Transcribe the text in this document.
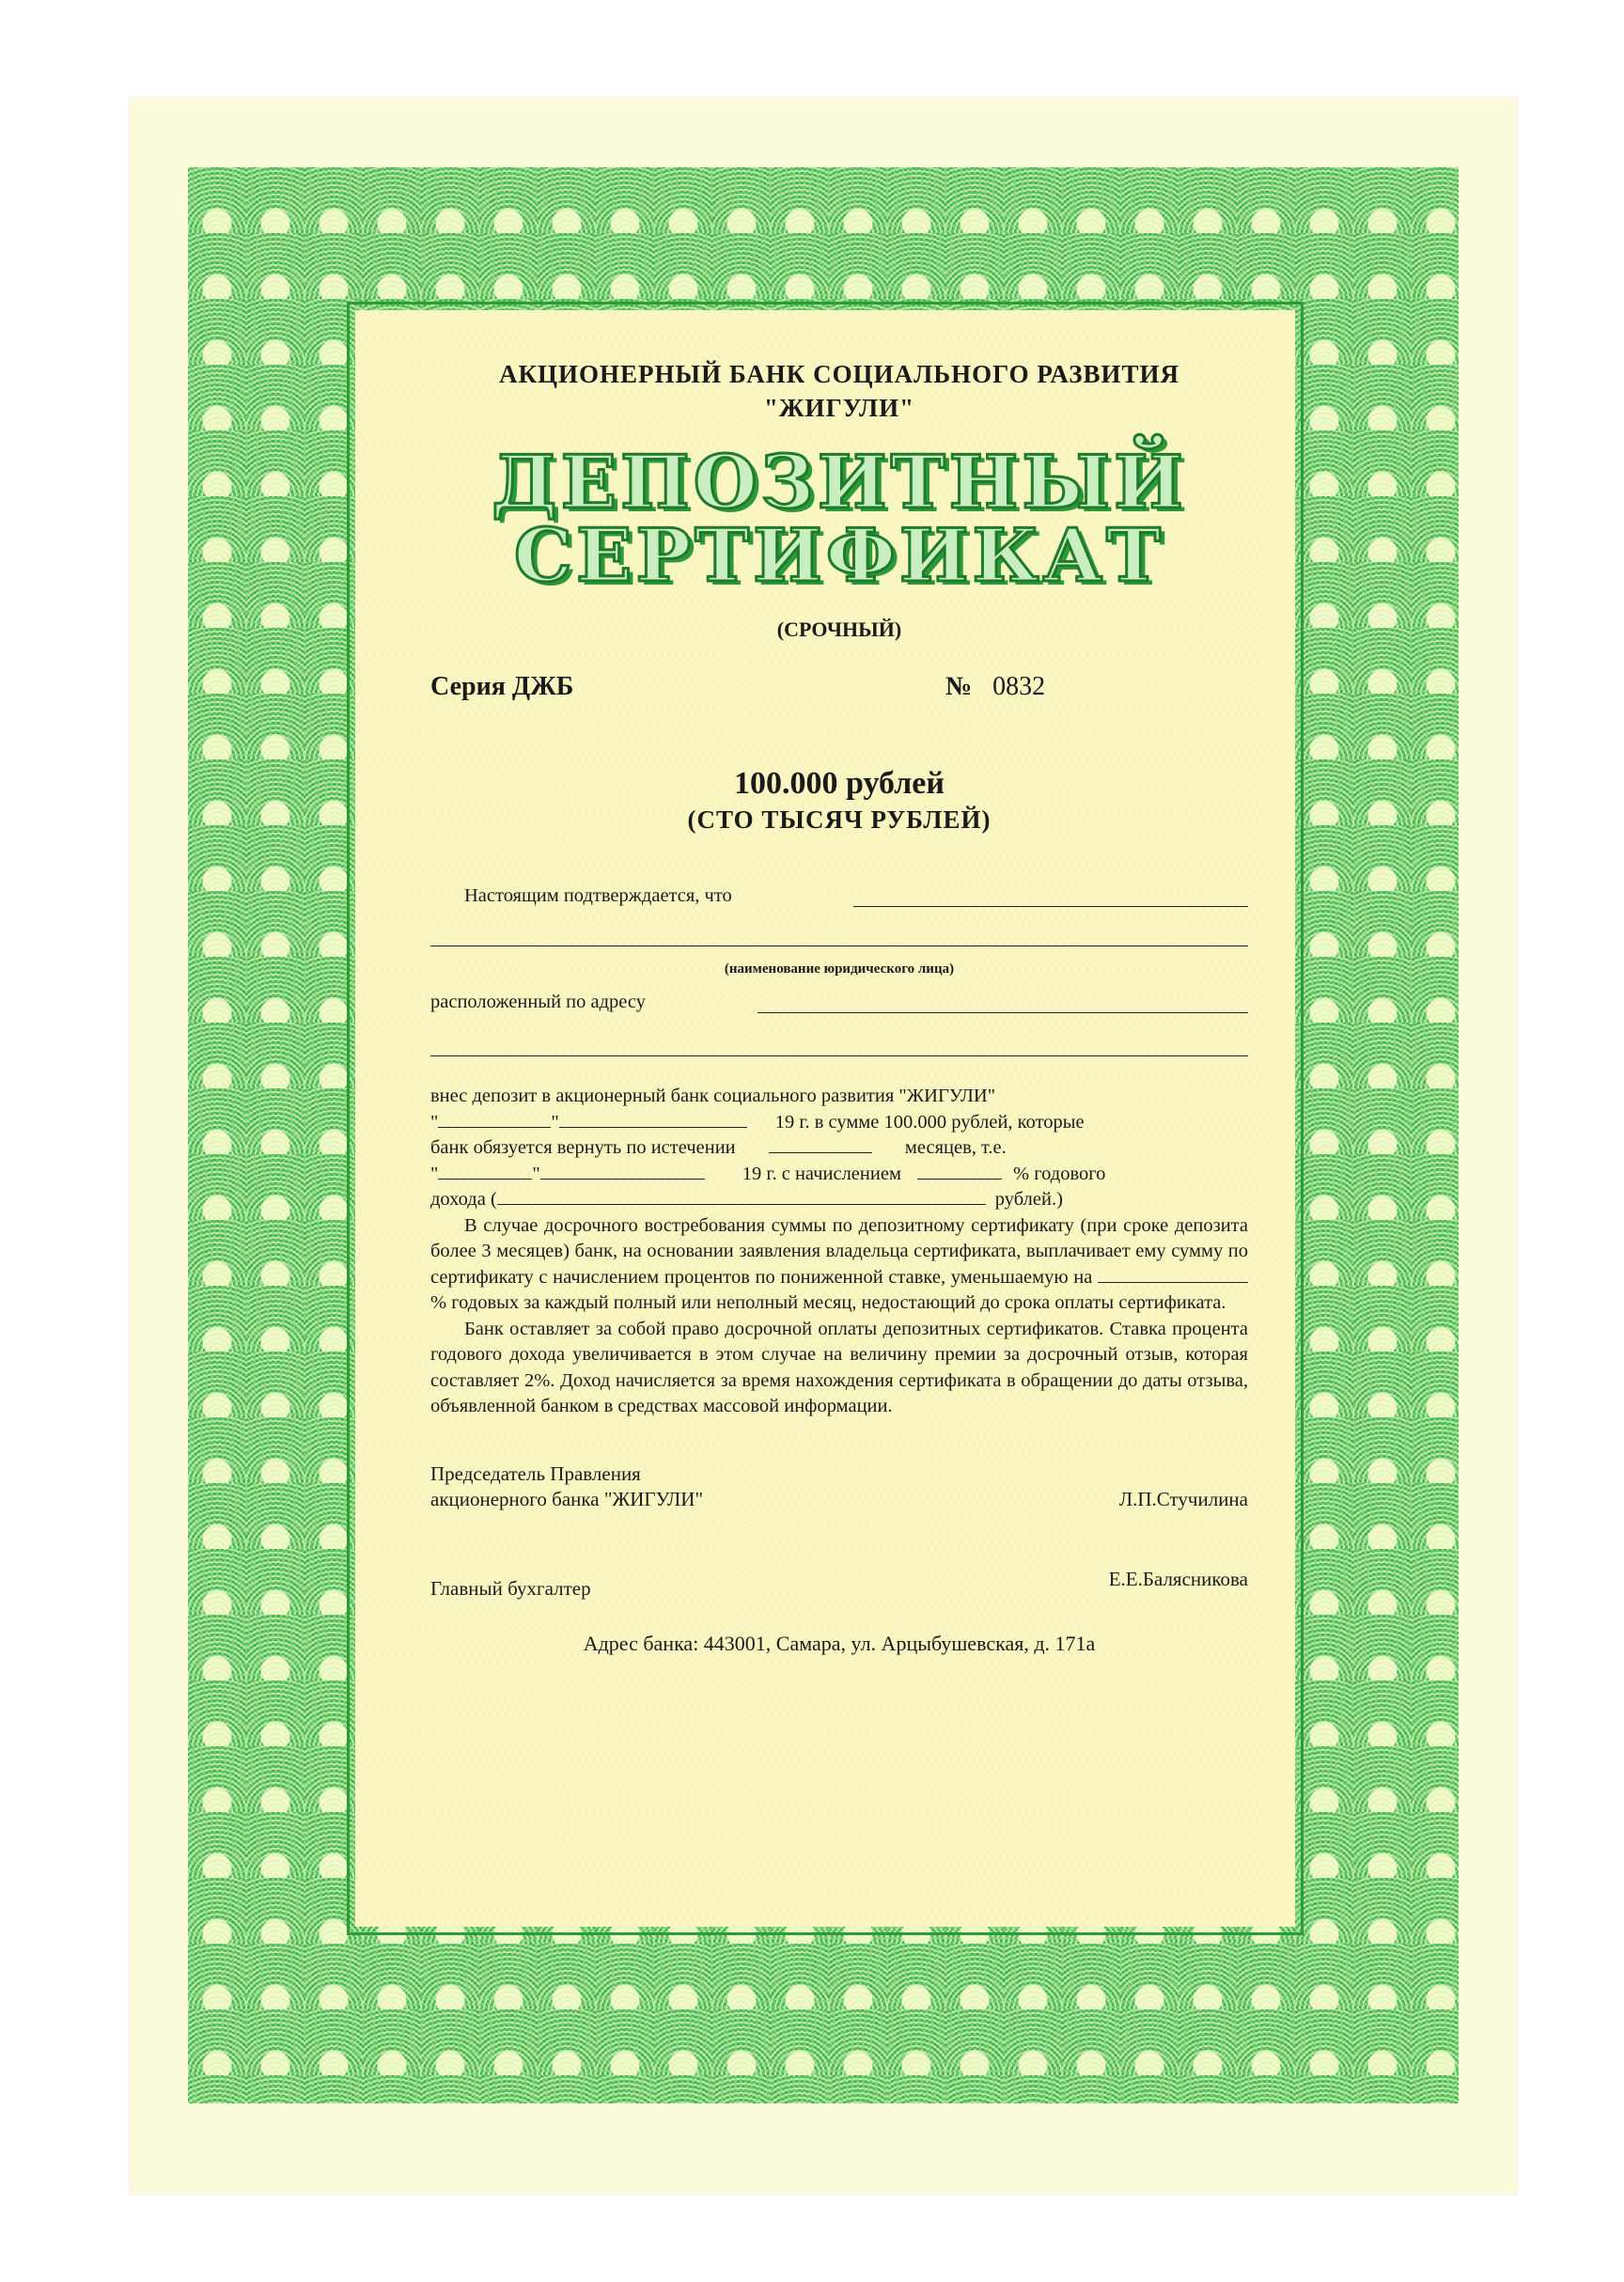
АКЦИОНЕРНЫЙ БАНК СОЦИАЛЬНОГО РАЗВИТИЯ
"ЖИГУЛИ"
ДЕПОЗИТНЫЙ
СЕРТИФИКАТ
(СРОЧНЫЙ)
Серия ДЖБ	№ 0832
100.000 рублей
(СТО ТЫСЯЧ РУБЛЕЙ)
Настоящим подтверждается, что
(наименование юридического лица)
расположенный по адресу
внес депозит в акционерный банк социального развития "ЖИГУЛИ"
"	"	19 г. в сумме 100.000 рублей, которые
банк обязуется вернуть по истечении	месяцев, т.е.
"	"	19 г. с начислением	% годового
дохода (	рублей.)
В случае досрочного востребования суммы по депозитному сертификату (при сроке депозита более 3 месяцев) банк, на основании заявления владельца сертификата, выплачивает ему сумму по сертификату с начислением процентов по пониженной ставке, уменьшаемую на % годовых за каждый полный или неполный месяц, недостающий до срока оплаты сертификата.
Банк оставляет за собой право досрочной оплаты депозитных сертификатов. Ставка процента годового дохода увеличивается в этом случае на величину премии за досрочный отзыв, которая составляет 2%. Доход начисляется за время нахождения сертификата в обращении до даты отзыва, объявленной банком в средствах массовой информации.
Председатель Правления
акционерного банка "ЖИГУЛИ"	Л.П.Стучилина
Главный бухгалтер	Е.Е.Балясникова
Адрес банка: 443001, Самара, ул. Арцыбушевская, д. 171а
